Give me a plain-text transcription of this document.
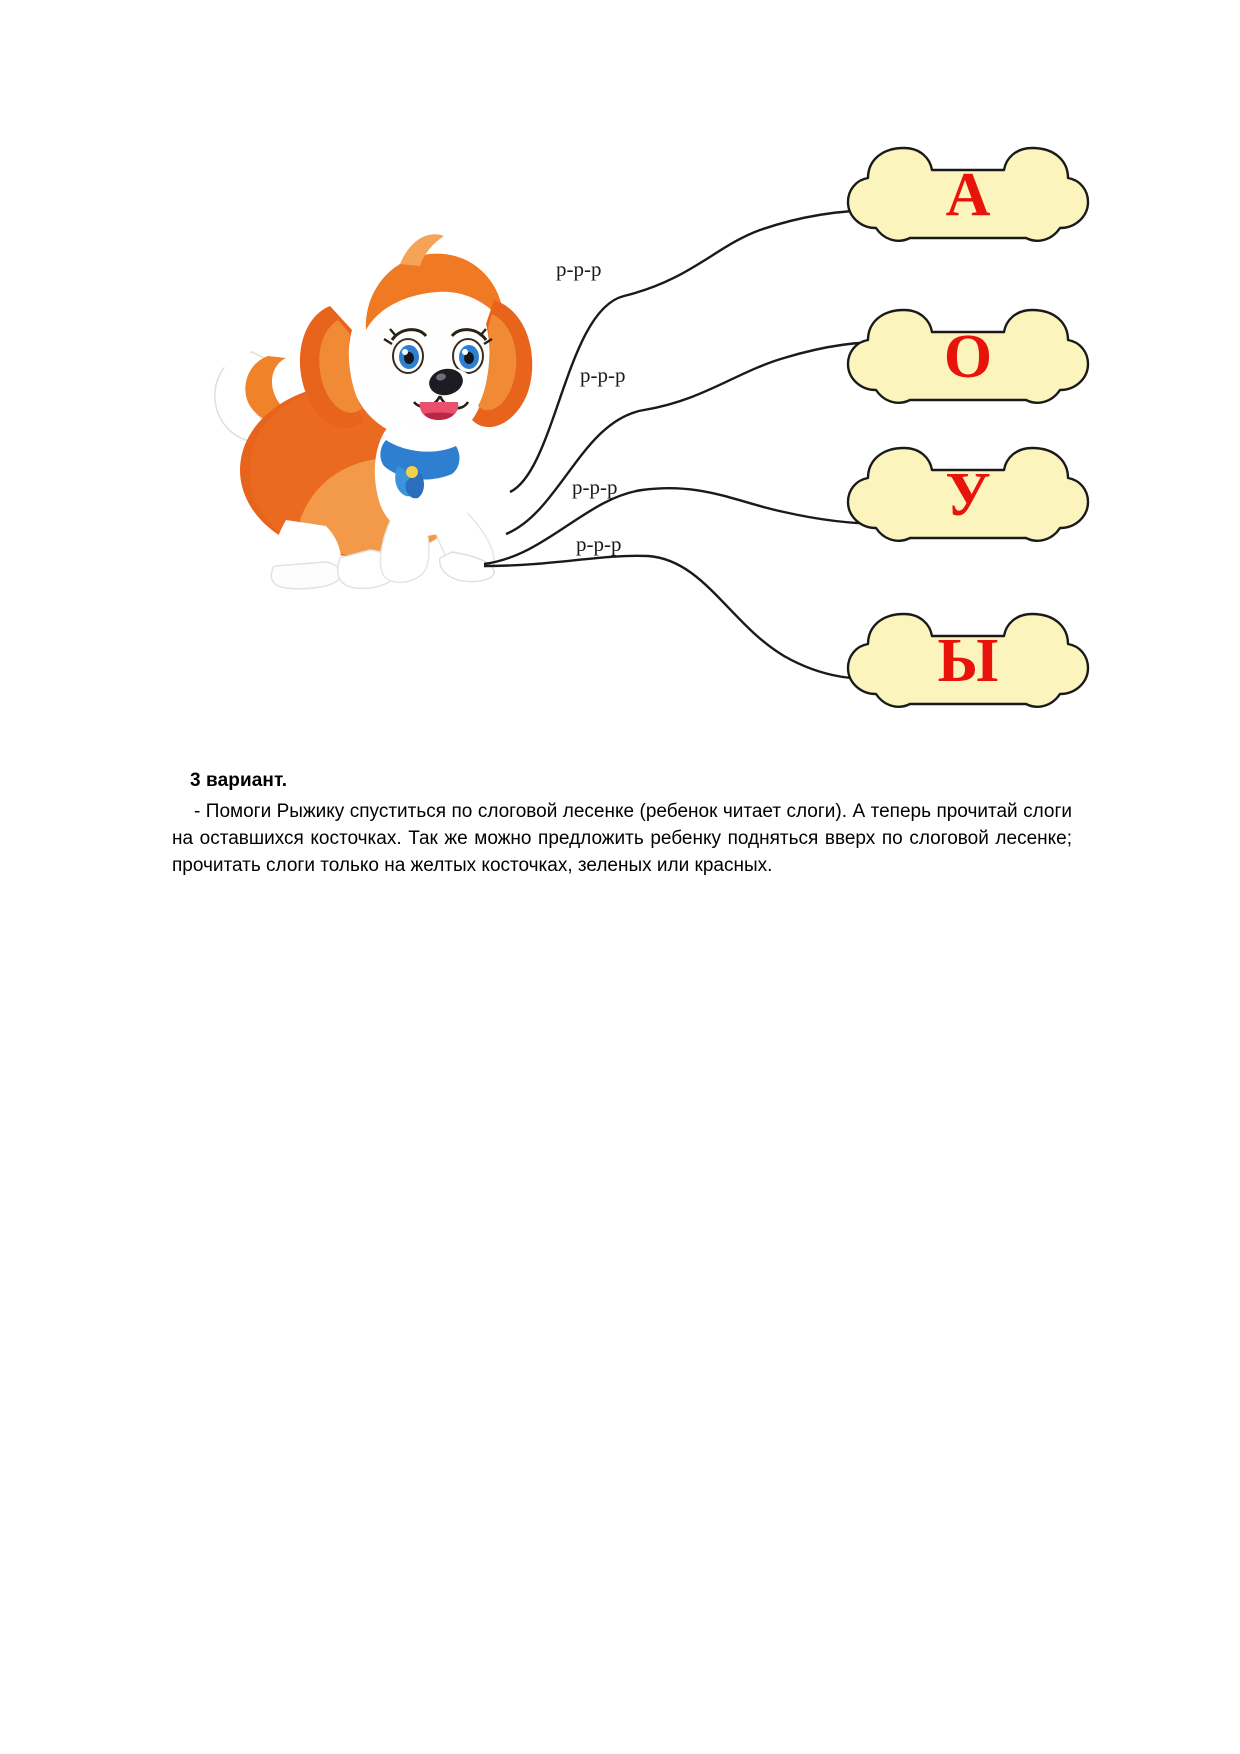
р-р-р
р-р-р
р-р-р
р-р-р
А
О
У
Ы

3 вариант.

- Помоги Рыжику спуститься по слоговой лесенке (ребенок читает слоги). А теперь прочитай слоги на оставшихся косточках. Так же можно предложить ребенку подняться вверх по слоговой лесенке; прочитать слоги только на желтых косточках, зеленых или красных.
